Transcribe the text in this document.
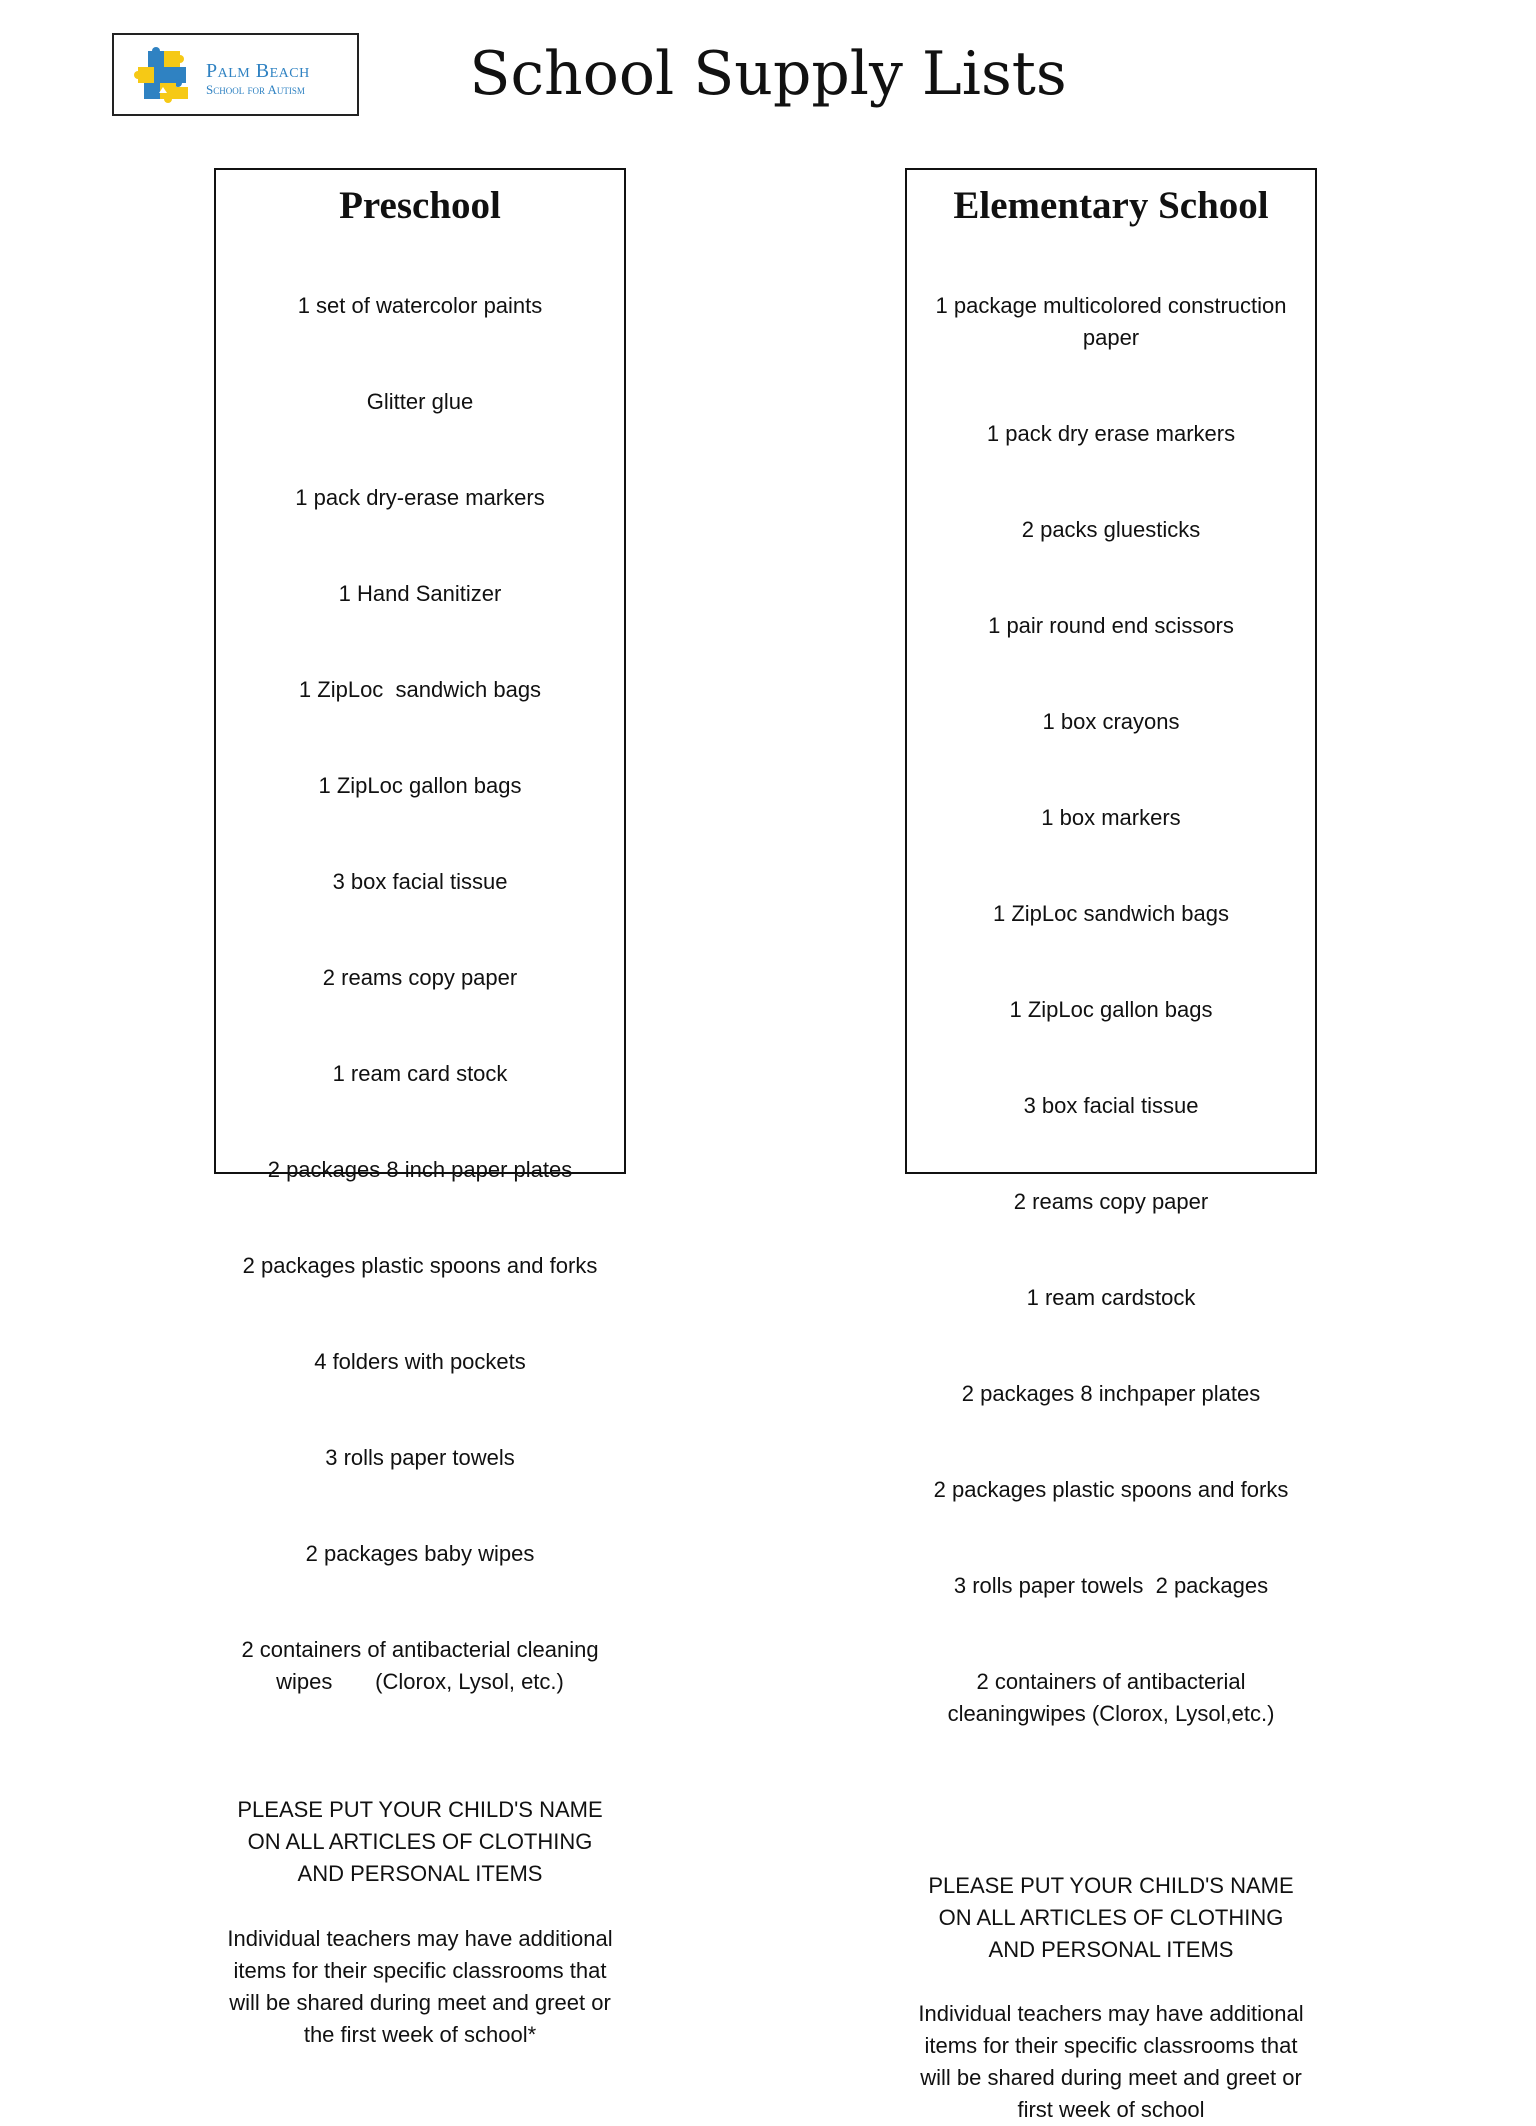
Palm Beach
School for Autism	School Supply Lists
Preschool

1 set of watercolor paints

Glitter glue

1 pack dry-erase markers

1 Hand Sanitizer

1 ZipLoc  sandwich bags

1 ZipLoc gallon bags

3 box facial tissue

2 reams copy paper

1 ream card stock

2 packages 8 inch paper plates

2 packages plastic spoons and forks

4 folders with pockets

3 rolls paper towels

2 packages baby wipes

2 containers of antibacterial cleaning wipes       (Clorox, Lysol, etc.)

PLEASE PUT YOUR CHILD'S NAME ON ALL ARTICLES OF CLOTHING AND PERSONAL ITEMS

Individual teachers may have additional items for their specific classrooms that will be shared during meet and greet or the first week of school*

Elementary School

1 package multicolored construction paper

1 pack dry erase markers

2 packs gluesticks

1 pair round end scissors

1 box crayons

1 box markers

1 ZipLoc sandwich bags

1 ZipLoc gallon bags

3 box facial tissue

2 reams copy paper

1 ream cardstock

2 packages 8 inchpaper plates

2 packages plastic spoons and forks

3 rolls paper towels  2 packages

2 containers of antibacterial cleaningwipes (Clorox, Lysol,etc.)

PLEASE PUT YOUR CHILD'S NAME ON ALL ARTICLES OF CLOTHING AND PERSONAL ITEMS

Individual teachers may have additional items for their specific classrooms that will be shared during meet and greet or first week of school
